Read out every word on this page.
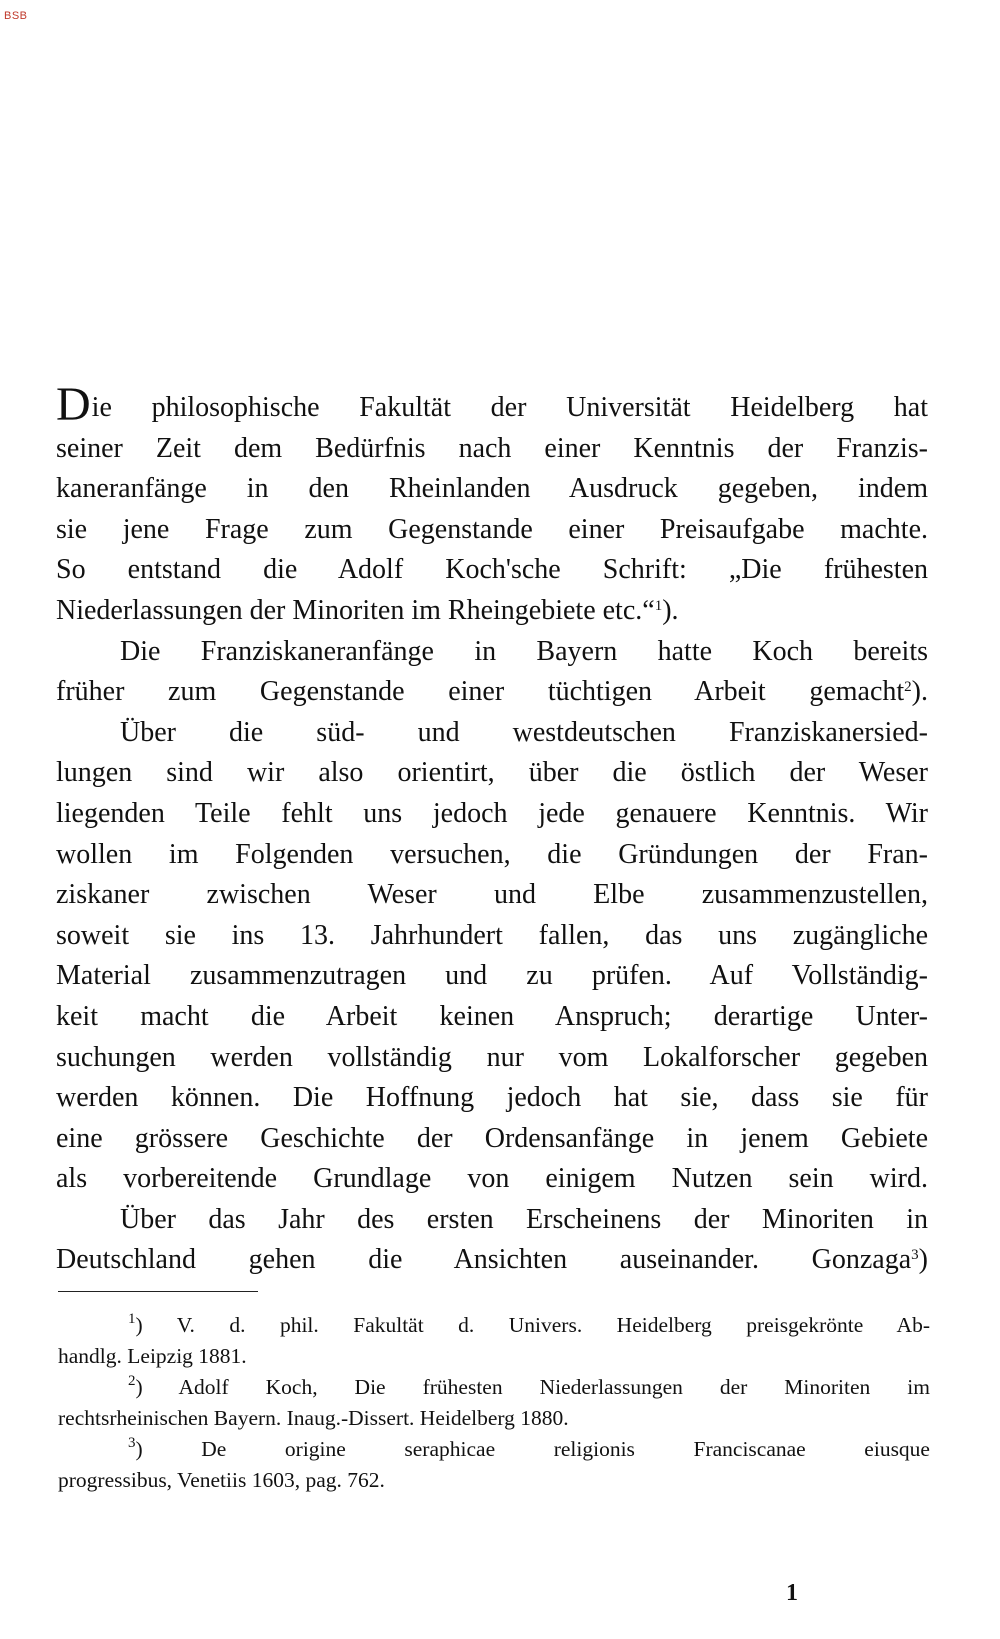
BSB
Die philosophische Fakultät der Universität Heidelberg hat
seiner Zeit dem Bedürfnis nach einer Kenntnis der Franzis-
kaneranfänge in den Rheinlanden Ausdruck gegeben, indem
sie jene Frage zum Gegenstande einer Preisaufgabe machte.
So entstand die Adolf Koch'sche Schrift: „Die frühesten
Niederlassungen der Minoriten im Rheingebiete etc.“$^1$).
Die Franziskaneranfänge in Bayern hatte Koch bereits
früher zum Gegenstande einer tüchtigen Arbeit gemacht$^2$).
Über die süd- und westdeutschen Franziskanersied-
lungen sind wir also orientirt, über die östlich der Weser
liegenden Teile fehlt uns jedoch jede genauere Kenntnis. Wir
wollen im Folgenden versuchen, die Gründungen der Fran-
ziskaner zwischen Weser und Elbe zusammenzustellen,
soweit sie ins 13. Jahrhundert fallen, das uns zugängliche
Material zusammenzutragen und zu prüfen. Auf Vollständig-
keit macht die Arbeit keinen Anspruch; derartige Unter-
suchungen werden vollständig nur vom Lokalforscher gegeben
werden können. Die Hoffnung jedoch hat sie, dass sie für
eine grössere Geschichte der Ordensanfänge in jenem Gebiete
als vorbereitende Grundlage von einigem Nutzen sein wird.
Über das Jahr des ersten Erscheinens der Minoriten in
Deutschland gehen die Ansichten auseinander. Gonzaga$^3$)
$^1$) V. d. phil. Fakultät d. Univers. Heidelberg preisgekrönte Ab-
handlg. Leipzig 1881.
$^2$) Adolf Koch, Die frühesten Niederlassungen der Minoriten im
rechtsrheinischen Bayern. Inaug.-Dissert. Heidelberg 1880.
$^3$) De origine seraphicae religionis Franciscanae eiusque
progressibus, Venetiis 1603, pag. 762.
1
